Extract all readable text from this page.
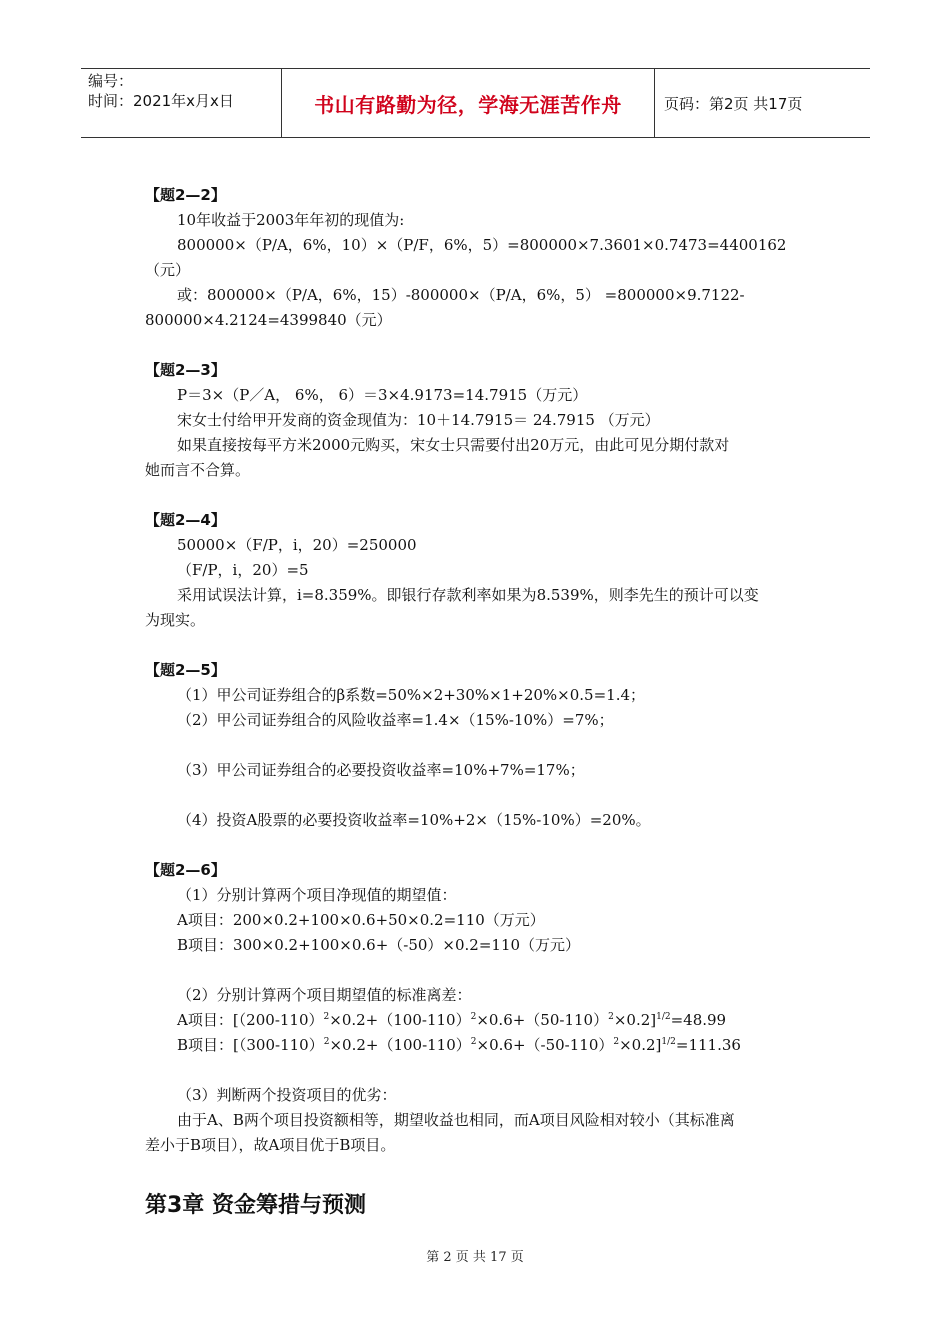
编号：
时间：2021年x月x日	书山有路勤为径，学海无涯苦作舟	页码：第2页 共17页

【题2—2】

10年收益于2003年年初的现值为:

800000×（P/A，6%，10）×（P/F，6%，5）=800000×7.3601×0.7473=4400162

（元）

或：800000×（P/A，6%，15）-800000×（P/A，6%，5） =800000×9.7122-

800000×4.2124=4399840（元）

【题2—3】

P＝3×（P／A， 6%， 6）＝3×4.9173=14.7915（万元）

宋女士付给甲开发商的资金现值为：10＋14.7915＝ 24.7915 （万元）

如果直接按每平方米2000元购买，宋女士只需要付出20万元，由此可见分期付款对

她而言不合算。

【题2—4】

50000×（F/P，i，20）=250000

（F/P，i，20）=5

采用试误法计算，i=8.359%。即银行存款利率如果为8.539%，则李先生的预计可以变

为现实。

【题2—5】

（1）甲公司证券组合的β系数=50%×2+30%×1+20%×0.5=1.4；

（2）甲公司证券组合的风险收益率=1.4×（15%-10%）=7%；

（3）甲公司证券组合的必要投资收益率=10%+7%=17%；

（4）投资A股票的必要投资收益率=10%+2×（15%-10%）=20%。

【题2—6】

（1）分别计算两个项目净现值的期望值：

A项目：200×0.2+100×0.6+50×0.2=110（万元）

B项目：300×0.2+100×0.6+（-50）×0.2=110（万元）

（2）分别计算两个项目期望值的标准离差：

A项目：$[(200-110)^2\times 0.2+(100-110)^2\times 0.6+(50-110)^2\times 0.2]^{1/2}=48.99$

B项目：$[(300-110)^2\times 0.2+(100-110)^2\times 0.6+(-50-110)^2\times 0.2]^{1/2}=111.36$

（3）判断两个投资项目的优劣：

由于A、B两个项目投资额相等，期望收益也相同，而A项目风险相对较小（其标准离

差小于B项目），故A项目优于B项目。

第3章 资金筹措与预测
第 2 页 共 17 页
